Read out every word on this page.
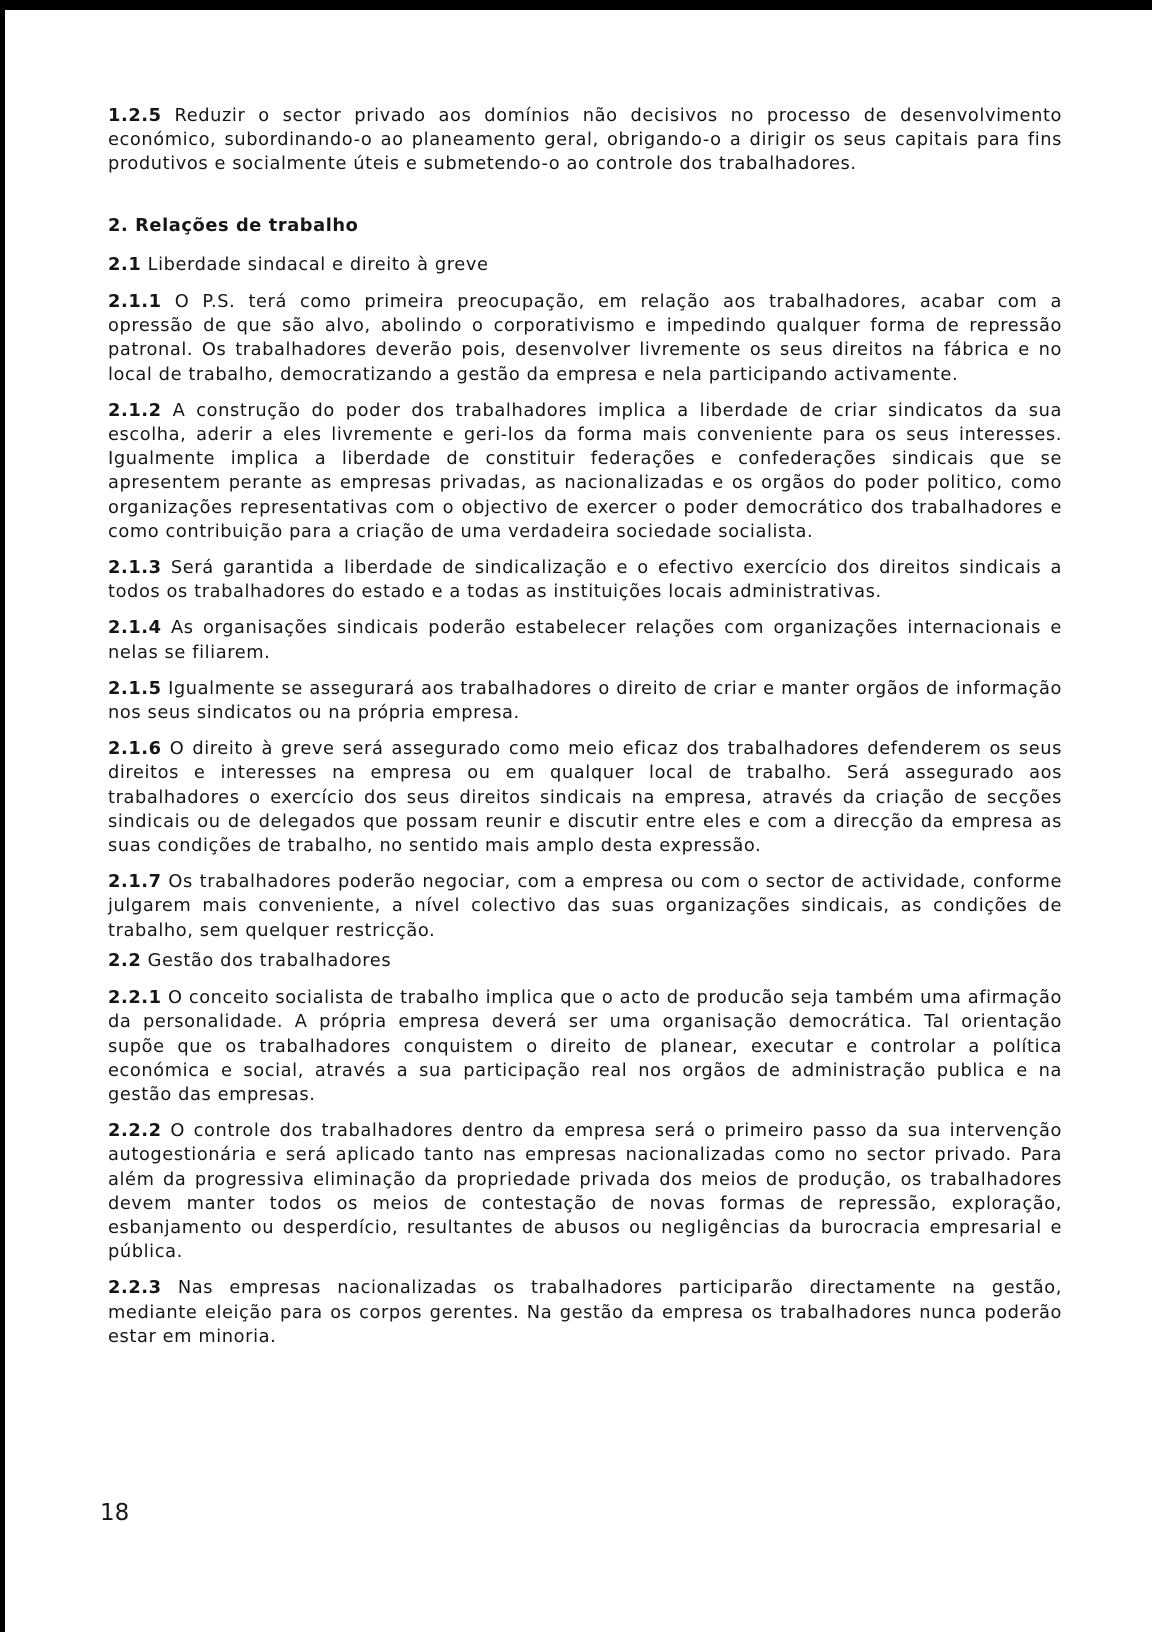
1.2.5 Reduzir o sector privado aos domínios não decisivos no processo de desenvolvimento económico, subordinando-o ao planeamento geral, obrigando-o a dirigir os seus capitais para fins produtivos e socialmente úteis e submetendo-o ao controle dos trabalhadores.

2. Relações de trabalho

2.1 Liberdade sindacal e direito à greve

2.1.1 O P.S. terá como primeira preocupação, em relação aos trabalhadores, acabar com a opressão de que são alvo, abolindo o corporativismo e impedindo qualquer forma de repressão patronal. Os trabalhadores deverão pois, desenvolver livremente os seus direitos na fábrica e no local de trabalho, democratizando a gestão da empresa e nela participando activamente.

2.1.2 A construção do poder dos trabalhadores implica a liberdade de criar sindicatos da sua escolha, aderir a eles livremente e geri-los da forma mais conveniente para os seus interesses. Igualmente implica a liberdade de constituir federações e confederações sindicais que se apresentem perante as empresas privadas, as nacionalizadas e os orgãos do poder politico, como organizações representativas com o objectivo de exercer o poder democrático dos trabalhadores e como contribuição para a criação de uma verdadeira sociedade socialista.

2.1.3 Será garantida a liberdade de sindicalização e o efectivo exercício dos direitos sindicais a todos os trabalhadores do estado e a todas as instituições locais administrativas.

2.1.4 As organisações sindicais poderão estabelecer relações com organizações internacionais e nelas se filiarem.

2.1.5 Igualmente se assegurará aos trabalhadores o direito de criar e manter orgãos de informação nos seus sindicatos ou na própria empresa.

2.1.6 O direito à greve será assegurado como meio eficaz dos trabalhadores defenderem os seus direitos e interesses na empresa ou em qualquer local de trabalho. Será assegurado aos trabalhadores o exercício dos seus direitos sindicais na empresa, através da criação de secções sindicais ou de delegados que possam reunir e discutir entre eles e com a direcção da empresa as suas condições de trabalho, no sentido mais amplo desta expressão.

2.1.7 Os trabalhadores poderão negociar, com a empresa ou com o sector de actividade, conforme julgarem mais conveniente, a nível colectivo das suas organizações sindicais, as condições de trabalho, sem quelquer restricção.

2.2 Gestão dos trabalhadores

2.2.1 O conceito socialista de trabalho implica que o acto de producão seja também uma afirmação da personalidade. A própria empresa deverá ser uma organisação democrática. Tal orientação supõe que os trabalhadores conquistem o direito de planear, executar e controlar a política económica e social, através a sua participação real nos orgãos de administração publica e na gestão das empresas.

2.2.2 O controle dos trabalhadores dentro da empresa será o primeiro passo da sua intervenção autogestionária e será aplicado tanto nas empresas nacionalizadas como no sector privado. Para além da progressiva eliminação da propriedade privada dos meios de produção, os trabalhadores devem manter todos os meios de contestação de novas formas de repressão, exploração, esbanjamento ou desperdício, resultantes de abusos ou negligências da burocracia empresarial e pública.

2.2.3 Nas empresas nacionalizadas os trabalhadores participarão directamente na gestão, mediante eleição para os corpos gerentes. Na gestão da empresa os trabalhadores nunca poderão estar em minoria.

18
